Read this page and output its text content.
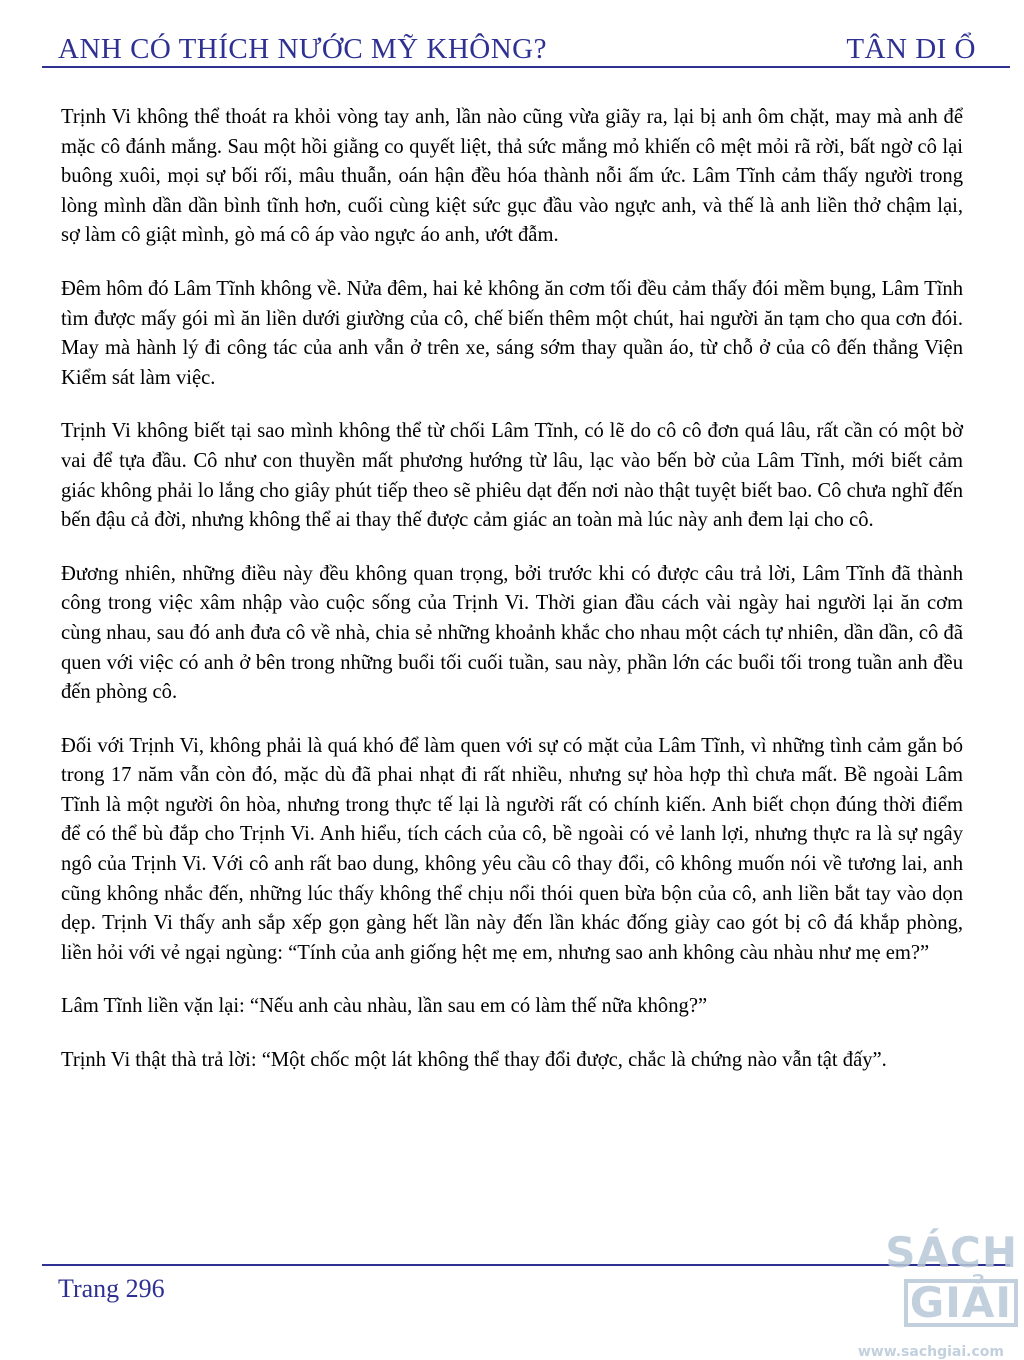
ANH CÓ THÍCH NƯỚC MỸ KHÔNG?	TÂN DI Ổ

Trịnh Vi không thể thoát ra khỏi vòng tay anh, lần nào cũng vừa giãy ra, lại bị anh ôm chặt, may mà anh để mặc cô đánh mắng. Sau một hồi giằng co quyết liệt, thả sức mắng mỏ khiến cô mệt mỏi rã rời, bất ngờ cô lại buông xuôi, mọi sự bối rối, mâu thuẫn, oán hận đều hóa thành nỗi ấm ức. Lâm Tĩnh cảm thấy người trong lòng mình dần dần bình tĩnh hơn, cuối cùng kiệt sức gục đầu vào ngực anh, và thế là anh liền thở chậm lại, sợ làm cô giật mình, gò má cô áp vào ngực áo anh, ướt đẫm.

Đêm hôm đó Lâm Tĩnh không về. Nửa đêm, hai kẻ không ăn cơm tối đều cảm thấy đói mềm bụng, Lâm Tĩnh tìm được mấy gói mì ăn liền dưới giường của cô, chế biến thêm một chút, hai người ăn tạm cho qua cơn đói. May mà hành lý đi công tác của anh vẫn ở trên xe, sáng sớm thay quần áo, từ chỗ ở của cô đến thẳng Viện Kiểm sát làm việc.

Trịnh Vi không biết tại sao mình không thể từ chối Lâm Tĩnh, có lẽ do cô cô đơn quá lâu, rất cần có một bờ vai để tựa đầu. Cô như con thuyền mất phương hướng từ lâu, lạc vào bến bờ của Lâm Tĩnh, mới biết cảm giác không phải lo lắng cho giây phút tiếp theo sẽ phiêu dạt đến nơi nào thật tuyệt biết bao. Cô chưa nghĩ đến bến đậu cả đời, nhưng không thể ai thay thế được cảm giác an toàn mà lúc này anh đem lại cho cô.

Đương nhiên, những điều này đều không quan trọng, bởi trước khi có được câu trả lời, Lâm Tĩnh đã thành công trong việc xâm nhập vào cuộc sống của Trịnh Vi. Thời gian đầu cách vài ngày hai người lại ăn cơm cùng nhau, sau đó anh đưa cô về nhà, chia sẻ những khoảnh khắc cho nhau một cách tự nhiên, dần dần, cô đã quen với việc có anh ở bên trong những buổi tối cuối tuần, sau này, phần lớn các buổi tối trong tuần anh đều đến phòng cô.

Đối với Trịnh Vi, không phải là quá khó để làm quen với sự có mặt của Lâm Tĩnh, vì những tình cảm gắn bó trong 17 năm vẫn còn đó, mặc dù đã phai nhạt đi rất nhiều, nhưng sự hòa hợp thì chưa mất. Bề ngoài Lâm Tĩnh là một người ôn hòa, nhưng trong thực tế lại là người rất có chính kiến. Anh biết chọn đúng thời điểm để có thể bù đắp cho Trịnh Vi. Anh hiểu, tích cách của cô, bề ngoài có vẻ lanh lợi, nhưng thực ra là sự ngây ngô của Trịnh Vi. Với cô anh rất bao dung, không yêu cầu cô thay đổi, cô không muốn nói về tương lai, anh cũng không nhắc đến, những lúc thấy không thể chịu nổi thói quen bừa bộn của cô, anh liền bắt tay vào dọn dẹp. Trịnh Vi thấy anh sắp xếp gọn gàng hết lần này đến lần khác đống giày cao gót bị cô đá khắp phòng, liền hỏi với vẻ ngại ngùng: “Tính của anh giống hệt mẹ em, nhưng sao anh không càu nhàu như mẹ em?”

Lâm Tĩnh liền vặn lại: “Nếu anh càu nhàu, lần sau em có làm thế nữa không?”

Trịnh Vi thật thà trả lời: “Một chốc một lát không thể thay đổi được, chắc là chứng nào vẫn tật đấy”.

Trang 296
SÁCHGIẢI
www.sachgiai.com
